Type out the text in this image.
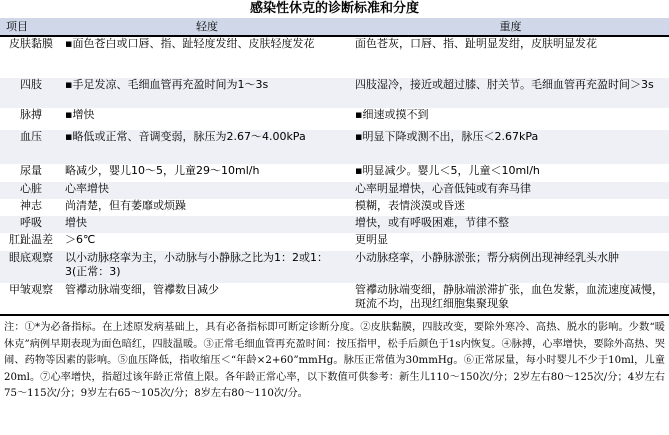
感染性休克的诊断标准和分度
项目	轻度	重度
皮肤黏膜	▪面色苍白或口唇、指、趾轻度发绀、皮肤轻度发花	面色苍灰，口唇、指、趾明显发绀，皮肤明显发花
四肢	▪手足发凉、毛细血管再充盈时间为1～3s	四肢湿冷，接近或超过膝、肘关节。毛细血管再充盈时间＞3s
脉搏	▪增快	▪细速或摸不到
血压	▪略低或正常、音调变弱，脉压为2.67～4.00kPa	▪明显下降或测不出，脉压＜2.67kPa
尿量	略减少，婴儿10～5，儿童29～10ml/h	▪明显减少。婴儿＜5，儿童＜10ml/h
心脏	心率增快	心率明显增快，心音低钝或有奔马律
神志	尚清楚，但有萎靡或烦躁	模糊，表情淡漠或昏迷
呼吸	增快	增快，或有呼吸困难，节律不整
肛趾温差	＞6℃	更明显
眼底观察	以小动脉痉挛为主，小动脉与小静脉之比为1：2或1：3(正常：3)	小动脉痉挛，小静脉淤张；帮分病例出现神经乳头水肿
甲皱观察	管襻动脉端变细，管襻数目减少	管襻动脉端变细，静脉端淤滞扩张，血色发紫，血流速度减慢，斑流不均，出现红细胞集聚现象
注：①*为必备指标。在上述原发病基础上，具有必备指标即可断定诊断分度。②皮肤黏膜，四肢改变，要除外寒冷、高热、脱水的影响。少数“暖休克”病例早期表现为面色暗红，四肢温暖。③正常毛细血管再充盈时间：按压指甲，松手后颜色于1s内恢复。④脉搏，心率增快，要除外高热、哭闹、药物等因素的影响。⑤血压降低，指收缩压＜“年龄×2+60”mmHg。脉压正常值为30mmHg。⑥正常尿量，每小时婴儿不少于10ml，儿童20ml。⑦心率增快，指超过该年龄正常值上限。各年龄正常心率，以下数值可供参考：新生儿110～150次/分；2岁左右80～125次/分；4岁左右75～115次/分；9岁左右65～105次/分；8岁左右80～110次/分。
